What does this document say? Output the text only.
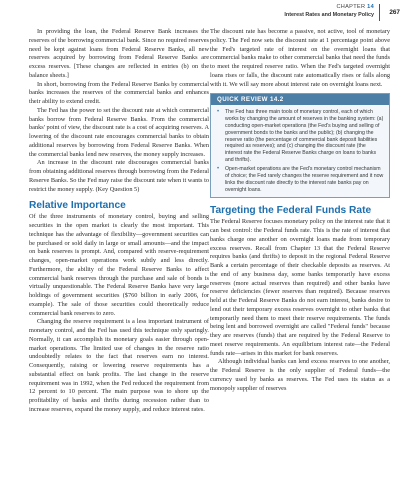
CHAPTER 14
Interest Rates and Monetary Policy 267

In providing the loan, the Federal Reserve Bank increases the reserves of the borrowing commercial bank. Since no required reserves need be kept against loans from Federal Reserve Banks, all new reserves acquired by borrowing from Federal Reserve Banks are excess reserves. [These changes are reflected in entries (b) on the balance sheets.]

In short, borrowing from the Federal Reserve Banks by commercial banks increases the reserves of the commercial banks and enhances their ability to extend credit.

The Fed has the power to set the discount rate at which commercial banks borrow from Federal Reserve Banks. From the commercial banks' point of view, the discount rate is a cost of acquiring reserves. A lowering of the discount rate encourages commercial banks to obtain additional reserves by borrowing from Federal Reserve Banks. When the commercial banks lend new reserves, the money supply increases.

An increase in the discount rate discourages commercial banks from obtaining additional reserves through borrowing from the Federal Reserve Banks. So the Fed may raise the discount rate when it wants to restrict the money supply. (Key Question 5)

Relative Importance

Of the three instruments of monetary control, buying and selling securities in the open market is clearly the most important. This technique has the advantage of flexibility—government securities can be purchased or sold daily in large or small amounts—and the impact on bank reserves is prompt. And, compared with reserve-requirement changes, open-market operations work subtly and less directly. Furthermore, the ability of the Federal Reserve Banks to affect commercial bank reserves through the purchase and sale of bonds is virtually unquestionable. The Federal Reserve Banks have very large holdings of government securities ($760 billion in early 2006, for example). The sale of those securities could theoretically reduce commercial bank reserves to zero.

Changing the reserve requirement is a less important instrument of monetary control, and the Fed has used this technique only sparingly. Normally, it can accomplish its monetary goals easier through open-market operations. The limited use of changes in the reserve ratio undoubtedly relates to the fact that reserves earn no interest. Consequently, raising or lowering reserve requirements has a substantial effect on bank profits. The last change in the reserve requirement was in 1992, when the Fed reduced the requirement from 12 percent to 10 percent. The main purpose was to shore up the profitability of banks and thrifts during recession rather than to increase reserves, expand the money supply, and reduce interest rates.

The discount rate has become a passive, not active, tool of monetary policy. The Fed now sets the discount rate at 1 percentage point above the Fed's targeted rate of interest on the overnight loans that commercial banks make to other commercial banks that need the funds to meet the required reserve ratio. When the Fed's targeted overnight loans rises or falls, the discount rate automatically rises or falls along with it. We will say more about interest rate on overnight loans next.

QUICK REVIEW 14.2
• The Fed has three main tools of monetary control, each of which works by changing the amount of reserves in the banking system: (a) conducting open-market operations (the Fed's buying and selling of government bonds to the banks and the public); (b) changing the reserve ratio (the percentage of commercial bank deposit liabilities required as reserves); and (c) changing the discount rate (the interest rate the Federal Reserve Banks charge on loans to banks and thrifts).
• Open-market operations are the Fed's monetary control mechanism of choice; the Fed rarely changes the reserve requirement and it now links the discount rate directly to the interest rate banks pay on overnight loans.
Targeting the Federal Funds Rate

The Federal Reserve focuses monetary policy on the interest rate that it can best control: the Federal funds rate. This is the rate of interest that banks charge one another on overnight loans made from temporary excess reserves. Recall from Chapter 13 that the Federal Reserve requires banks (and thrifts) to deposit in the regional Federal Reserve Bank a certain percentage of their checkable deposits as reserves. At the end of any business day, some banks temporarily have excess reserves (more actual reserves than required) and other banks have reserve deficiencies (fewer reserves than required). Because reserves held at the Federal Reserve Banks do not earn interest, banks desire to lend out their temporary excess reserves overnight to other banks that temporarily need them to meet their reserve requirements. The funds being lent and borrowed overnight are called "Federal funds" because they are reserves (funds) that are required by the Federal Reserve to meet reserve requirements. An equilibrium interest rate—the Federal funds rate—arises in this market for bank reserves.

Although individual banks can lend excess reserves to one another, the Federal Reserve is the only supplier of Federal funds—the currency used by banks as reserves. The Fed uses its status as a monopoly supplier of reserves
